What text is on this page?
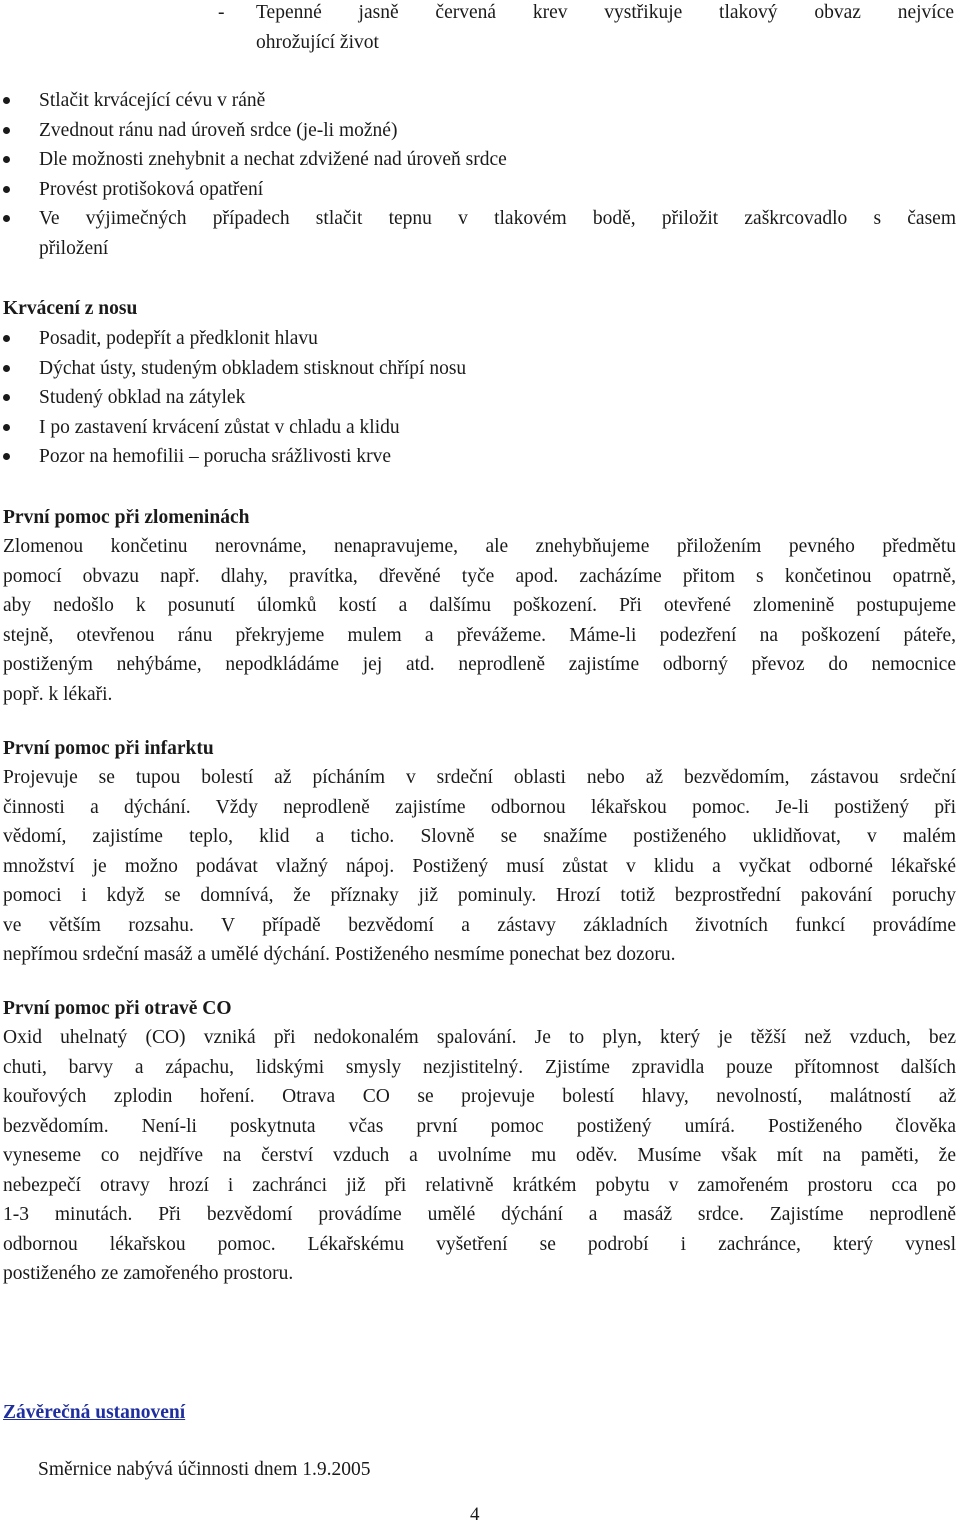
- Tepenné jasně červená krev vystřikuje tlakový obvaz nejvíce
ohrožující život
Stlačit krvácející cévu v ráně
Zvednout ránu nad úroveň srdce (je-li možné)
Dle možnosti znehybnit a nechat zdvižené nad úroveň srdce
Provést protišoková opatření
Ve výjimečných případech stlačit tepnu v tlakovém bodě, přiložit zaškrcovadlo s časem
přiložení
Krvácení z nosu
Posadit, podepřít a předklonit hlavu
Dýchat ústy, studeným obkladem stisknout chřípí nosu
Studený obklad na zátylek
I po zastavení krvácení zůstat v chladu a klidu
Pozor na hemofilii – porucha srážlivosti krve
První pomoc při zlomeninách
Zlomenou končetinu nerovnáme, nenapravujeme, ale znehybňujeme přiložením pevného předmětu
pomocí obvazu např. dlahy, pravítka, dřevěné tyče apod. zacházíme přitom s končetinou opatrně,
aby nedošlo k posunutí úlomků kostí a dalšímu poškození. Při otevřené zlomenině postupujeme
stejně, otevřenou ránu překryjeme mulem a převážeme. Máme-li podezření na poškození páteře,
postiženým nehýbáme, nepodkládáme jej atd. neprodleně zajistíme odborný převoz do nemocnice
popř. k lékaři.
První pomoc při infarktu
Projevuje se tupou bolestí až pícháním v srdeční oblasti nebo až bezvědomím, zástavou srdeční
činnosti a dýchání. Vždy neprodleně zajistíme odbornou lékařskou pomoc. Je-li postižený při
vědomí, zajistíme teplo, klid a ticho. Slovně se snažíme postiženého uklidňovat, v malém
množství je možno podávat vlažný nápoj. Postižený musí zůstat v klidu a vyčkat odborné lékařské
pomoci i když se domnívá, že příznaky již pominuly. Hrozí totiž bezprostřední pakování poruchy
ve větším rozsahu. V případě bezvědomí a zástavy základních životních funkcí provádíme
nepřímou srdeční masáž a umělé dýchání. Postiženého nesmíme ponechat bez dozoru.
První pomoc při otravě CO
Oxid uhelnatý (CO) vzniká při nedokonalém spalování. Je to plyn, který je těžší než vzduch, bez
chuti, barvy a zápachu, lidskými smysly nezjistitelný. Zjistíme zpravidla pouze přítomnost dalších
kouřových zplodin hoření. Otrava CO se projevuje bolestí hlavy, nevolností, malátností až
bezvědomím. Není-li poskytnuta včas první pomoc postižený umírá. Postiženého člověka
vyneseme co nejdříve na čerství vzduch a uvolníme mu oděv. Musíme však mít na paměti, že
nebezpečí otravy hrozí i zachránci již při relativně krátkém pobytu v zamořeném prostoru cca po
1-3 minutách. Při bezvědomí provádíme umělé dýchání a masáž srdce. Zajistíme neprodleně
odbornou lékařskou pomoc. Lékařskému vyšetření se podrobí i zachránce, který vynesl
postiženého ze zamořeného prostoru.
Závěrečná ustanovení
Směrnice nabývá účinnosti dnem 1.9.2005
4
